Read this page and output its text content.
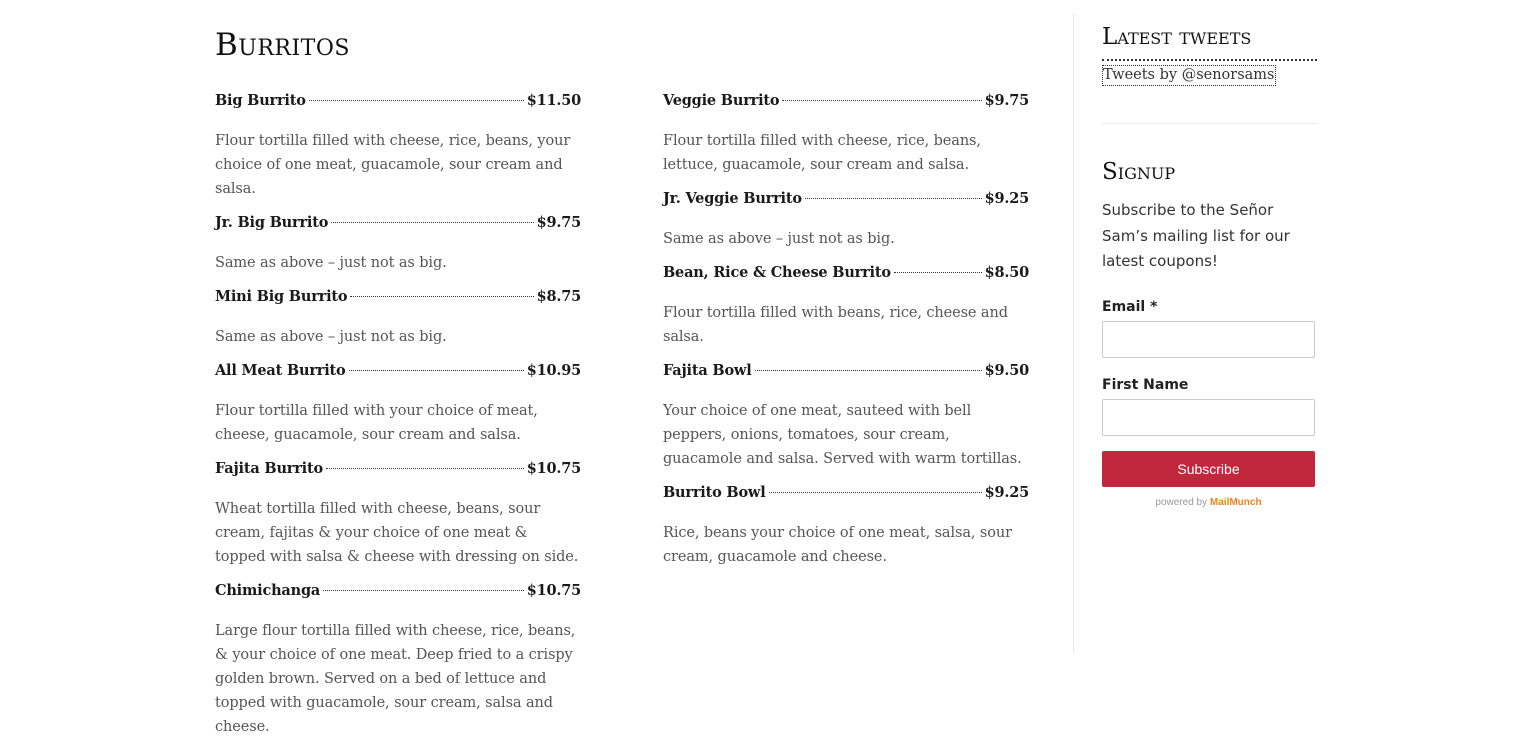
Burritos
Big Burrito	$11.50
Flour tortilla filled with cheese, rice, beans, your choice of one meat, guacamole, sour cream and salsa.
Jr. Big Burrito	$9.75
Same as above – just not as big.
Mini Big Burrito	$8.75
Same as above – just not as big.
All Meat Burrito	$10.95
Flour tortilla filled with your choice of meat, cheese, guacamole, sour cream and salsa.
Fajita Burrito	$10.75
Wheat tortilla filled with cheese, beans, sour cream, fajitas & your choice of one meat & topped with salsa & cheese with dressing on side.
Chimichanga	$10.75
Large flour tortilla filled with cheese, rice, beans, & your choice of one meat. Deep fried to a crispy golden brown. Served on a bed of lettuce and topped with guacamole, sour cream, salsa and cheese.
Veggie Burrito	$9.75
Flour tortilla filled with cheese, rice, beans, lettuce, guacamole, sour cream and salsa.
Jr. Veggie Burrito	$9.25
Same as above – just not as big.
Bean, Rice & Cheese Burrito	$8.50
Flour tortilla filled with beans, rice, cheese and salsa.
Fajita Bowl	$9.50
Your choice of one meat, sauteed with bell peppers, onions, tomatoes, sour cream, guacamole and salsa. Served with warm tortillas.
Burrito Bowl	$9.25
Rice, beans your choice of one meat, salsa, sour cream, guacamole and cheese.
Latest tweets
Tweets by @senorsams
Signup
Subscribe to the Señor Sam’s mailing list for our latest coupons!
Email *
First Name
Subscribe
powered by MailMunch
